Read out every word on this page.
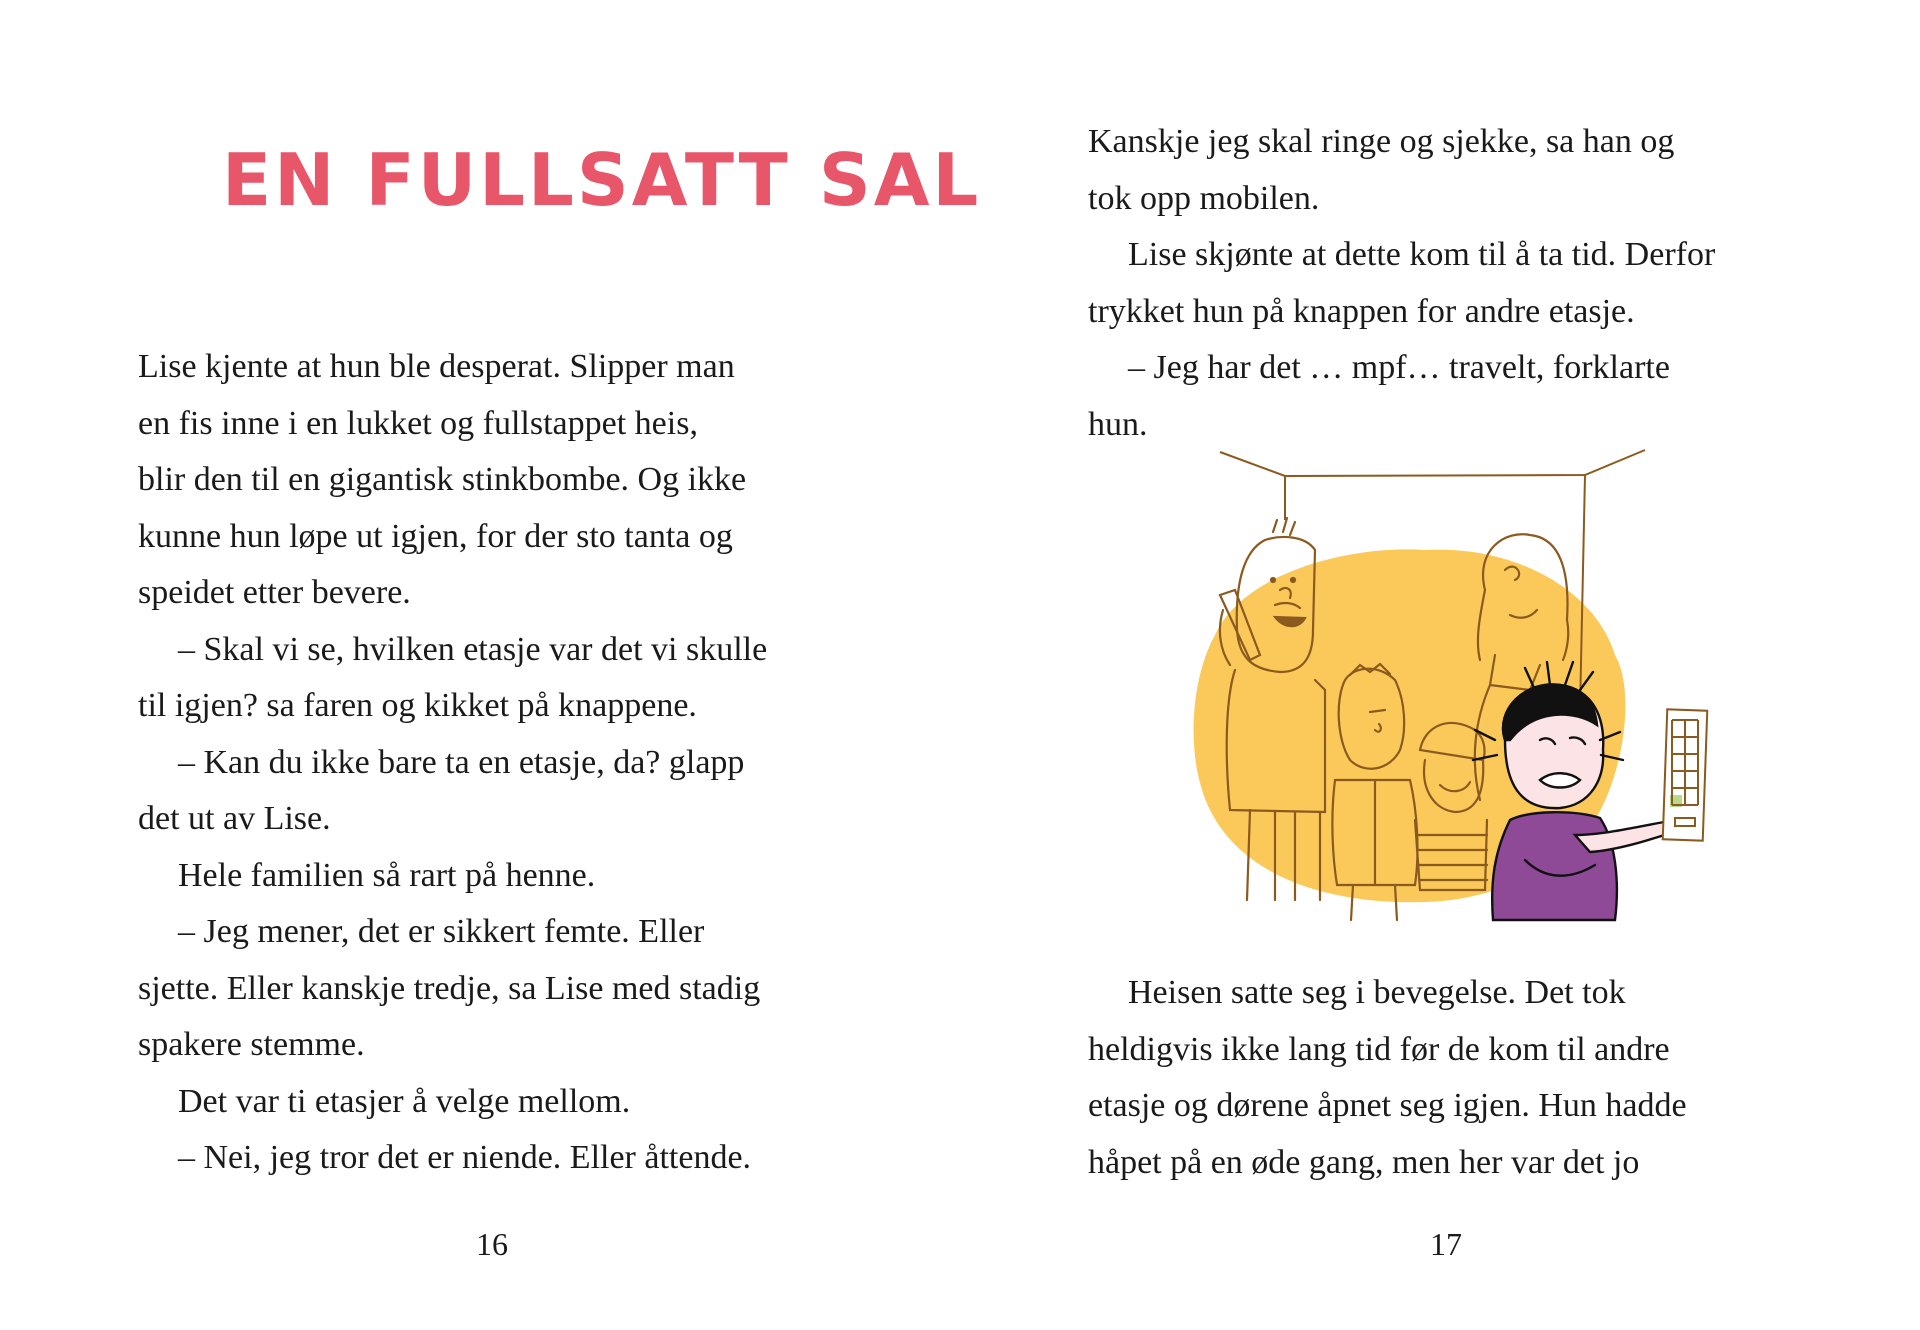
EN FULLSATT SAL
Lise kjente at hun ble desperat. Slipper man
en fis inne i en lukket og fullstappet heis,
blir den til en gigantisk stinkbombe. Og ikke
kunne hun løpe ut igjen, for der sto tanta og
speidet etter bevere.
– Skal vi se, hvilken etasje var det vi skulle
til igjen? sa faren og kikket på knappene.
– Kan du ikke bare ta en etasje, da? glapp
det ut av Lise.
Hele familien så rart på henne.
– Jeg mener, det er sikkert femte. Eller
sjette. Eller kanskje tredje, sa Lise med stadig
spakere stemme.
Det var ti etasjer å velge mellom.
– Nei, jeg tror det er niende. Eller åttende.
16
Kanskje jeg skal ringe og sjekke, sa han og
tok opp mobilen.
Lise skjønte at dette kom til å ta tid. Derfor
trykket hun på knappen for andre etasje.
– Jeg har det … mpf… travelt, forklarte
hun.
Heisen satte seg i bevegelse. Det tok
heldigvis ikke lang tid før de kom til andre
etasje og dørene åpnet seg igjen. Hun hadde
håpet på en øde gang, men her var det jo
17
